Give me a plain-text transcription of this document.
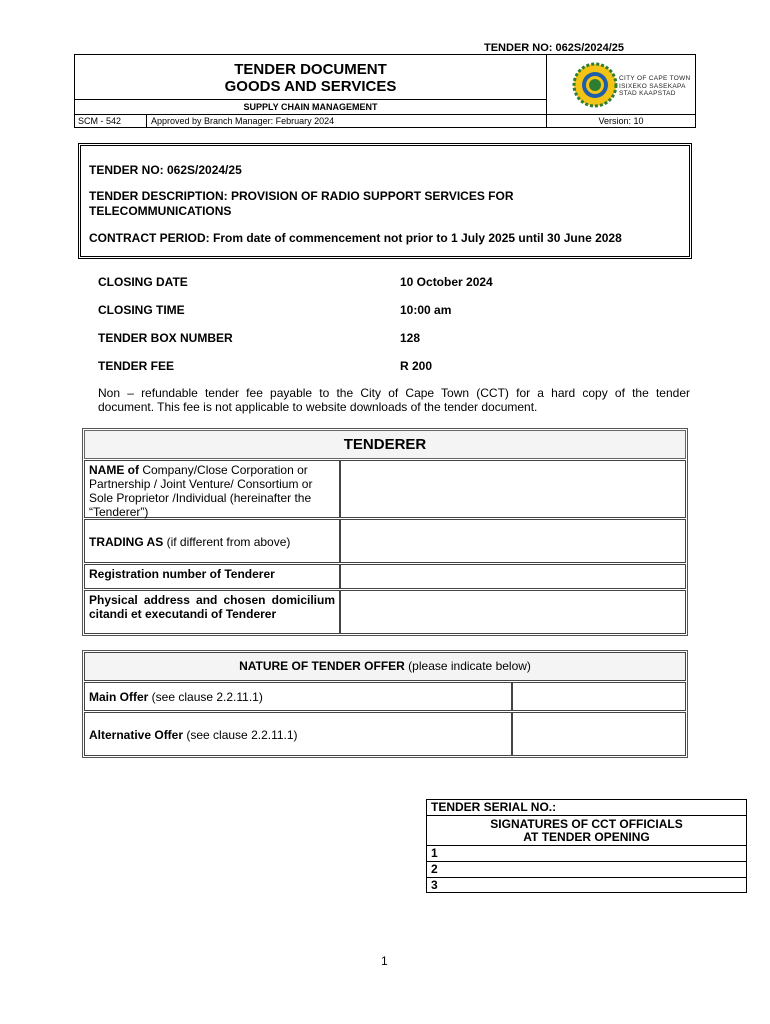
TENDER NO: 062S/2024/25
TENDER DOCUMENT
GOODS AND SERVICES	CITY OF CAPE TOWN
ISIXEKO SASEKAPA
STAD KAAPSTAD
SUPPLY CHAIN MANAGEMENT
SCM - 542	Approved by Branch Manager: February 2024	Version: 10
TENDER NO: 062S/2024/25
TENDER DESCRIPTION: PROVISION OF RADIO SUPPORT SERVICES FOR
TELECOMMUNICATIONS
CONTRACT PERIOD: From date of commencement not prior to 1 July 2025 until 30 June 2028
CLOSING DATE	10 October 2024
CLOSING TIME	10:00 am
TENDER BOX NUMBER	128
TENDER FEE	R 200
Non – refundable tender fee payable to the City of Cape Town (CCT) for a hard copy of the tender
document. This fee is not applicable to website downloads of the tender document.
TENDERER
NAME of Company/Close Corporation or Partnership / Joint Venture/ Consortium or Sole Proprietor /Individual (hereinafter the “Tenderer”)
TRADING AS (if different from above)
Registration number of Tenderer
Physical address and chosen domicilium citandi et executandi of Tenderer
NATURE OF TENDER OFFER (please indicate below)
Main Offer (see clause 2.2.11.1)
Alternative Offer (see clause 2.2.11.1)
TENDER SERIAL NO.:
SIGNATURES OF CCT OFFICIALS
AT TENDER OPENING
1
2
3
1
